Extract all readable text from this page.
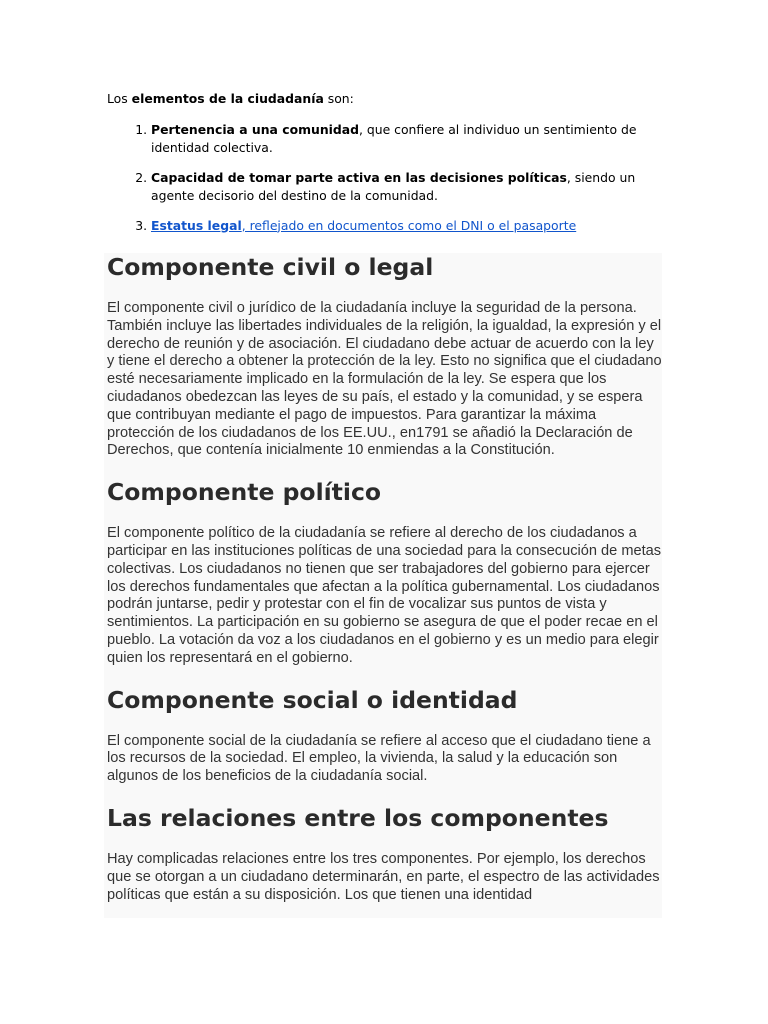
Los elementos de la ciudadanía son:

1. Pertenencia a una comunidad, que confiere al individuo un sentimiento de identidad colectiva.
2. Capacidad de tomar parte activa en las decisiones políticas, siendo un agente decisorio del destino de la comunidad.
3. Estatus legal, reflejado en documentos como el DNI o el pasaporte
Componente civil o legal

El componente civil o jurídico de la ciudadanía incluye la seguridad de la persona. También incluye las libertades individuales de la religión, la igualdad, la expresión y el derecho de reunión y de asociación. El ciudadano debe actuar de acuerdo con la ley y tiene el derecho a obtener la protección de la ley. Esto no significa que el ciudadano esté necesariamente implicado en la formulación de la ley. Se espera que los ciudadanos obedezcan las leyes de su país, el estado y la comunidad, y se espera que contribuyan mediante el pago de impuestos. Para garantizar la máxima protección de los ciudadanos de los EE.UU., en1791 se añadió la Declaración de Derechos, que contenía inicialmente 10 enmiendas a la Constitución.

Componente político

El componente político de la ciudadanía se refiere al derecho de los ciudadanos a participar en las instituciones políticas de una sociedad para la consecución de metas colectivas. Los ciudadanos no tienen que ser trabajadores del gobierno para ejercer los derechos fundamentales que afectan a la política gubernamental. Los ciudadanos podrán juntarse, pedir y protestar con el fin de vocalizar sus puntos de vista y sentimientos. La participación en su gobierno se asegura de que el poder recae en el pueblo. La votación da voz a los ciudadanos en el gobierno y es un medio para elegir quien los representará en el gobierno.

Componente social o identidad

El componente social de la ciudadanía se refiere al acceso que el ciudadano tiene a los recursos de la sociedad. El empleo, la vivienda, la salud y la educación son algunos de los beneficios de la ciudadanía social.

Las relaciones entre los componentes

Hay complicadas relaciones entre los tres componentes. Por ejemplo, los derechos que se otorgan a un ciudadano determinarán, en parte, el espectro de las actividades políticas que están a su disposición. Los que tienen una identidad
